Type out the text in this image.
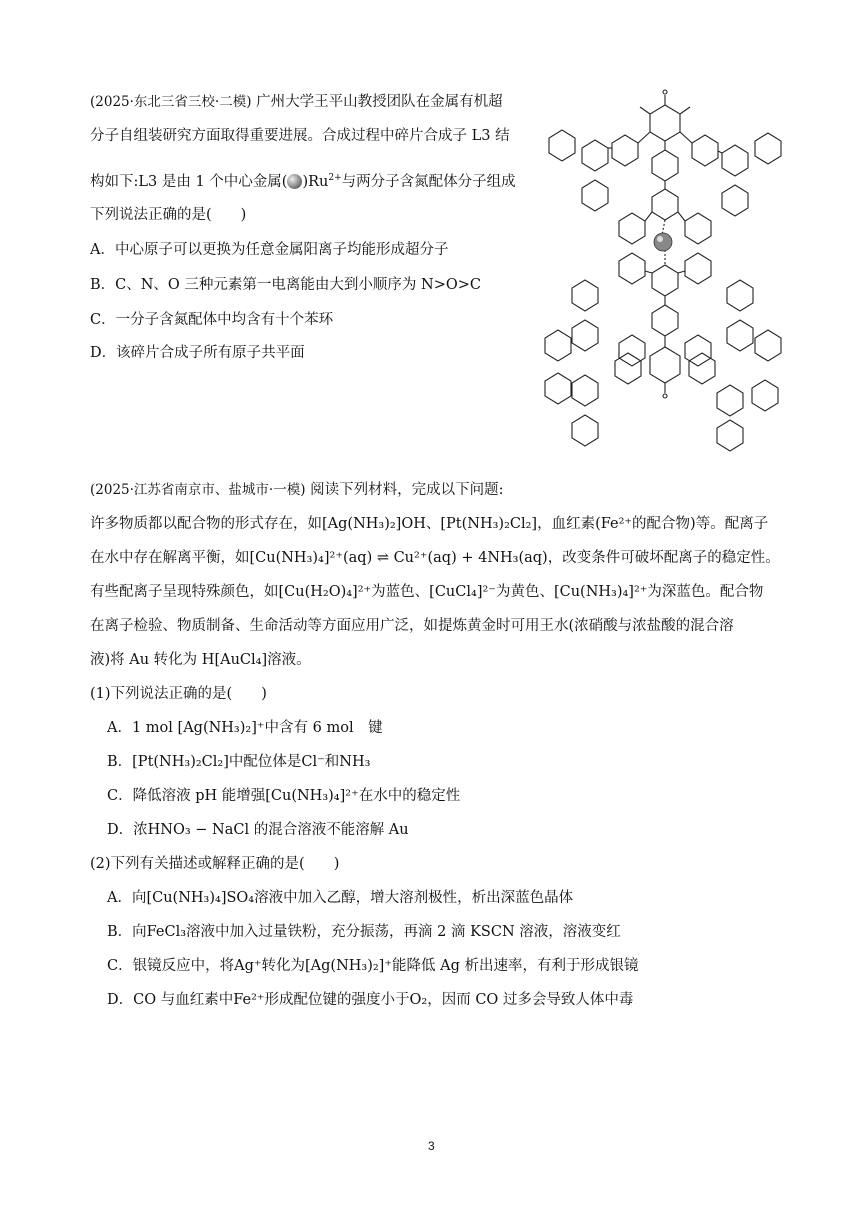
(2025·东北三省三校·二模) 广州大学王平山教授团队在金属有机超
分子自组装研究方面取得重要进展。合成过程中碎片合成子 L3 结
构如下:L3 是由 1 个中心金属( )$Ru^{2+}$与两分子含氮配体分子组成
下列说法正确的是(　　)
A．中心原子可以更换为任意金属阳离子均能形成超分子
B．C、N、O 三种元素第一电离能由大到小顺序为 N>O>C
C．一分子含氮配体中均含有十个苯环
D．该碎片合成子所有原子共平面
(2025·江苏省南京市、盐城市·一模) 阅读下列材料，完成以下问题:
许多物质都以配合物的形式存在，如[Ag(NH₃)₂]OH、[Pt(NH₃)₂Cl₂]，血红素(Fe²⁺的配合物)等。配离子
在水中存在解离平衡，如[Cu(NH₃)₄]²⁺(aq) ⇌ Cu²⁺(aq) + 4NH₃(aq)，改变条件可破坏配离子的稳定性。
有些配离子呈现特殊颜色，如[Cu(H₂O)₄]²⁺为蓝色、[CuCl₄]²⁻为黄色、[Cu(NH₃)₄]²⁺为深蓝色。配合物
在离子检验、物质制备、生命活动等方面应用广泛，如提炼黄金时可用王水(浓硝酸与浓盐酸的混合溶
液)将 Au 转化为 H[AuCl₄]溶液。
(1)下列说法正确的是(　　)
A．1 mol [Ag(NH₃)₂]⁺中含有 6 mol　键
B．[Pt(NH₃)₂Cl₂]中配位体是Cl⁻和NH₃
C．降低溶液 pH 能增强[Cu(NH₃)₄]²⁺在水中的稳定性
D．浓HNO₃ − NaCl 的混合溶液不能溶解 Au
(2)下列有关描述或解释正确的是(　　)
A．向[Cu(NH₃)₄]SO₄溶液中加入乙醇，增大溶剂极性，析出深蓝色晶体
B．向FeCl₃溶液中加入过量铁粉，充分振荡，再滴 2 滴 KSCN 溶液，溶液变红
C．银镜反应中，将Ag⁺转化为[Ag(NH₃)₂]⁺能降低 Ag 析出速率，有利于形成银镜
D．CO 与血红素中Fe²⁺形成配位键的强度小于O₂，因而 CO 过多会导致人体中毒
3
